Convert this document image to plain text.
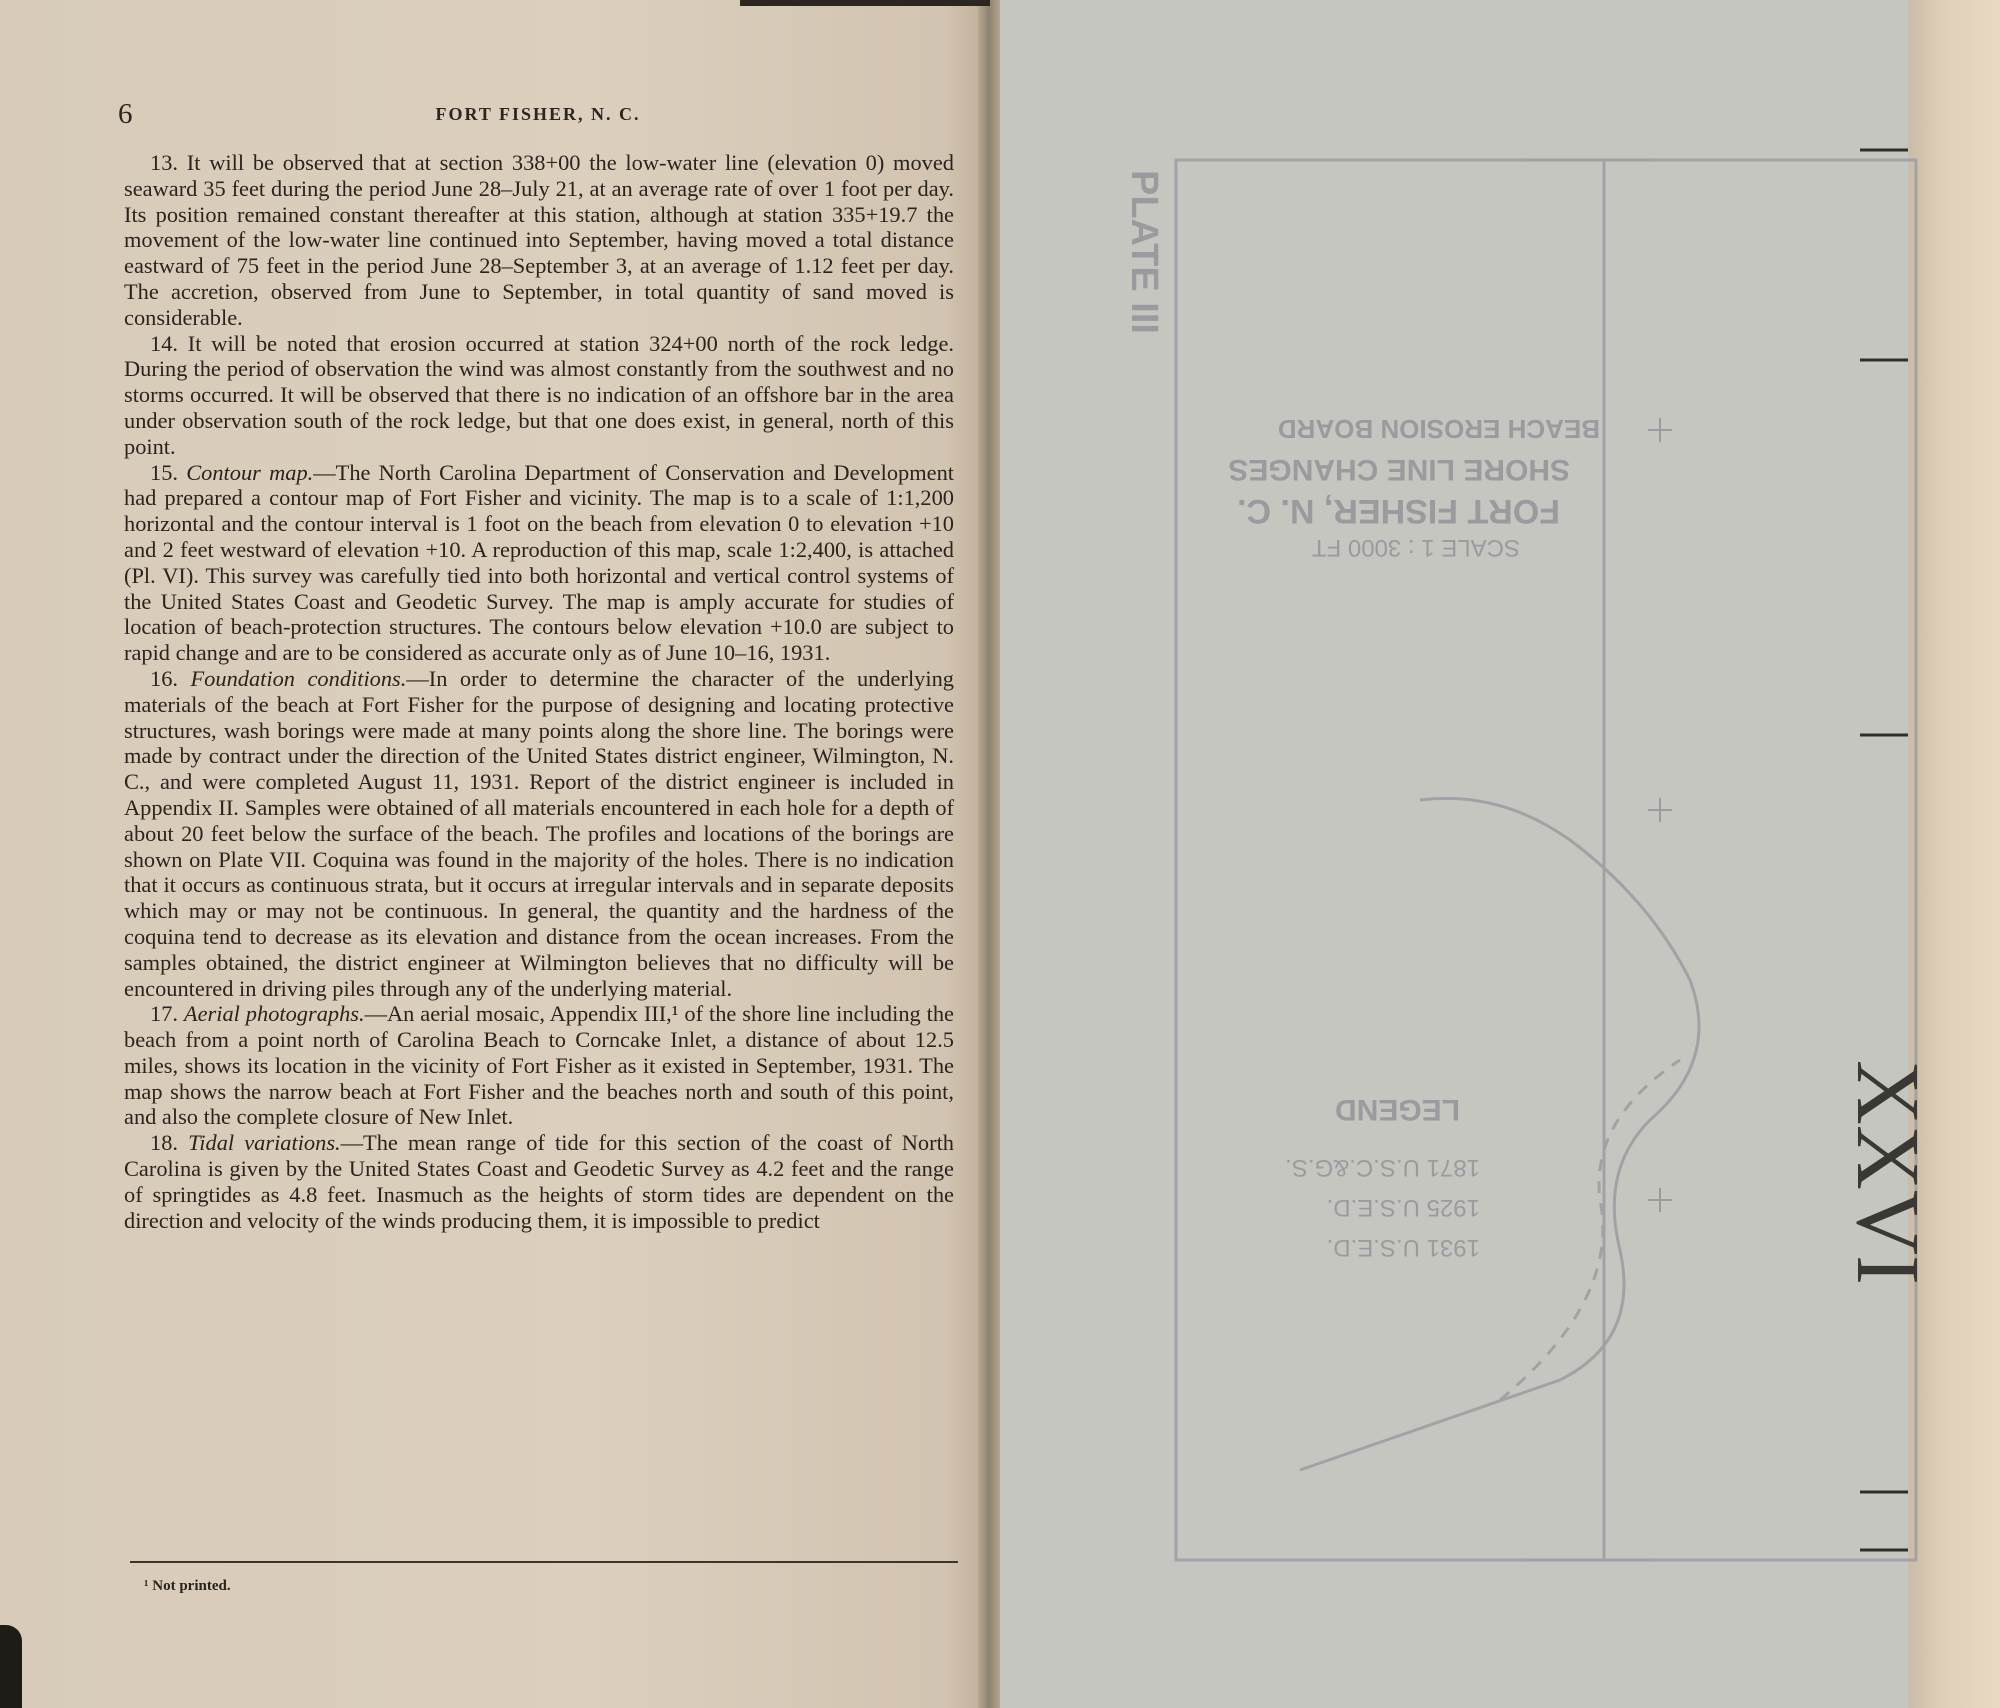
6	FORT FISHER, N. C.

13. It will be observed that at section 338+00 the low-water line (elevation 0) moved seaward 35 feet during the period June 28–July 21, at an average rate of over 1 foot per day. Its position remained constant thereafter at this station, although at station 335+19.7 the movement of the low-water line continued into September, having moved a total distance eastward of 75 feet in the period June 28–September 3, at an average of 1.12 feet per day. The accretion, observed from June to September, in total quantity of sand moved is considerable.

14. It will be noted that erosion occurred at station 324+00 north of the rock ledge. During the period of observation the wind was almost constantly from the southwest and no storms occurred. It will be observed that there is no indication of an offshore bar in the area under observation south of the rock ledge, but that one does exist, in general, north of this point.

15. Contour map.—The North Carolina Department of Conservation and Development had prepared a contour map of Fort Fisher and vicinity. The map is to a scale of 1:1,200 horizontal and the contour interval is 1 foot on the beach from elevation 0 to elevation +10 and 2 feet westward of elevation +10. A reproduction of this map, scale 1:2,400, is attached (Pl. VI). This survey was carefully tied into both horizontal and vertical control systems of the United States Coast and Geodetic Survey. The map is amply accurate for studies of location of beach-protection structures. The contours below elevation +10.0 are subject to rapid change and are to be considered as accurate only as of June 10–16, 1931.

16. Foundation conditions.—In order to determine the character of the underlying materials of the beach at Fort Fisher for the purpose of designing and locating protective structures, wash borings were made at many points along the shore line. The borings were made by contract under the direction of the United States district engineer, Wilmington, N. C., and were completed August 11, 1931. Report of the district engineer is included in Appendix II. Samples were obtained of all materials encountered in each hole for a depth of about 20 feet below the surface of the beach. The profiles and locations of the borings are shown on Plate VII. Coquina was found in the majority of the holes. There is no indication that it occurs as continuous strata, but it occurs at irregular intervals and in separate deposits which may or may not be continuous. In general, the quantity and the hardness of the coquina tend to decrease as its elevation and distance from the ocean increases. From the samples obtained, the district engineer at Wilmington believes that no difficulty will be encountered in driving piles through any of the underlying material.

17. Aerial photographs.—An aerial mosaic, Appendix III,¹ of the shore line including the beach from a point north of Carolina Beach to Corncake Inlet, a distance of about 12.5 miles, shows its location in the vicinity of Fort Fisher as it existed in September, 1931. The map shows the narrow beach at Fort Fisher and the beaches north and south of this point, and also the complete closure of New Inlet.

18. Tidal variations.—The mean range of tide for this section of the coast of North Carolina is given by the United States Coast and Geodetic Survey as 4.2 feet and the range of springtides as 4.8 feet. Inasmuch as the heights of storm tides are dependent on the direction and velocity of the winds producing them, it is impossible to predict

¹ Not printed.
PLATE III
BEACH EROSION BOARD
SHORE LINE CHANGES
FORT FISHER, N. C.
SCALE 1 : 3000 FT
LEGEND
1871 U.S.C.&G.S.
1925 U.S.E.D.
1931 U.S.E.D.	XXVI
